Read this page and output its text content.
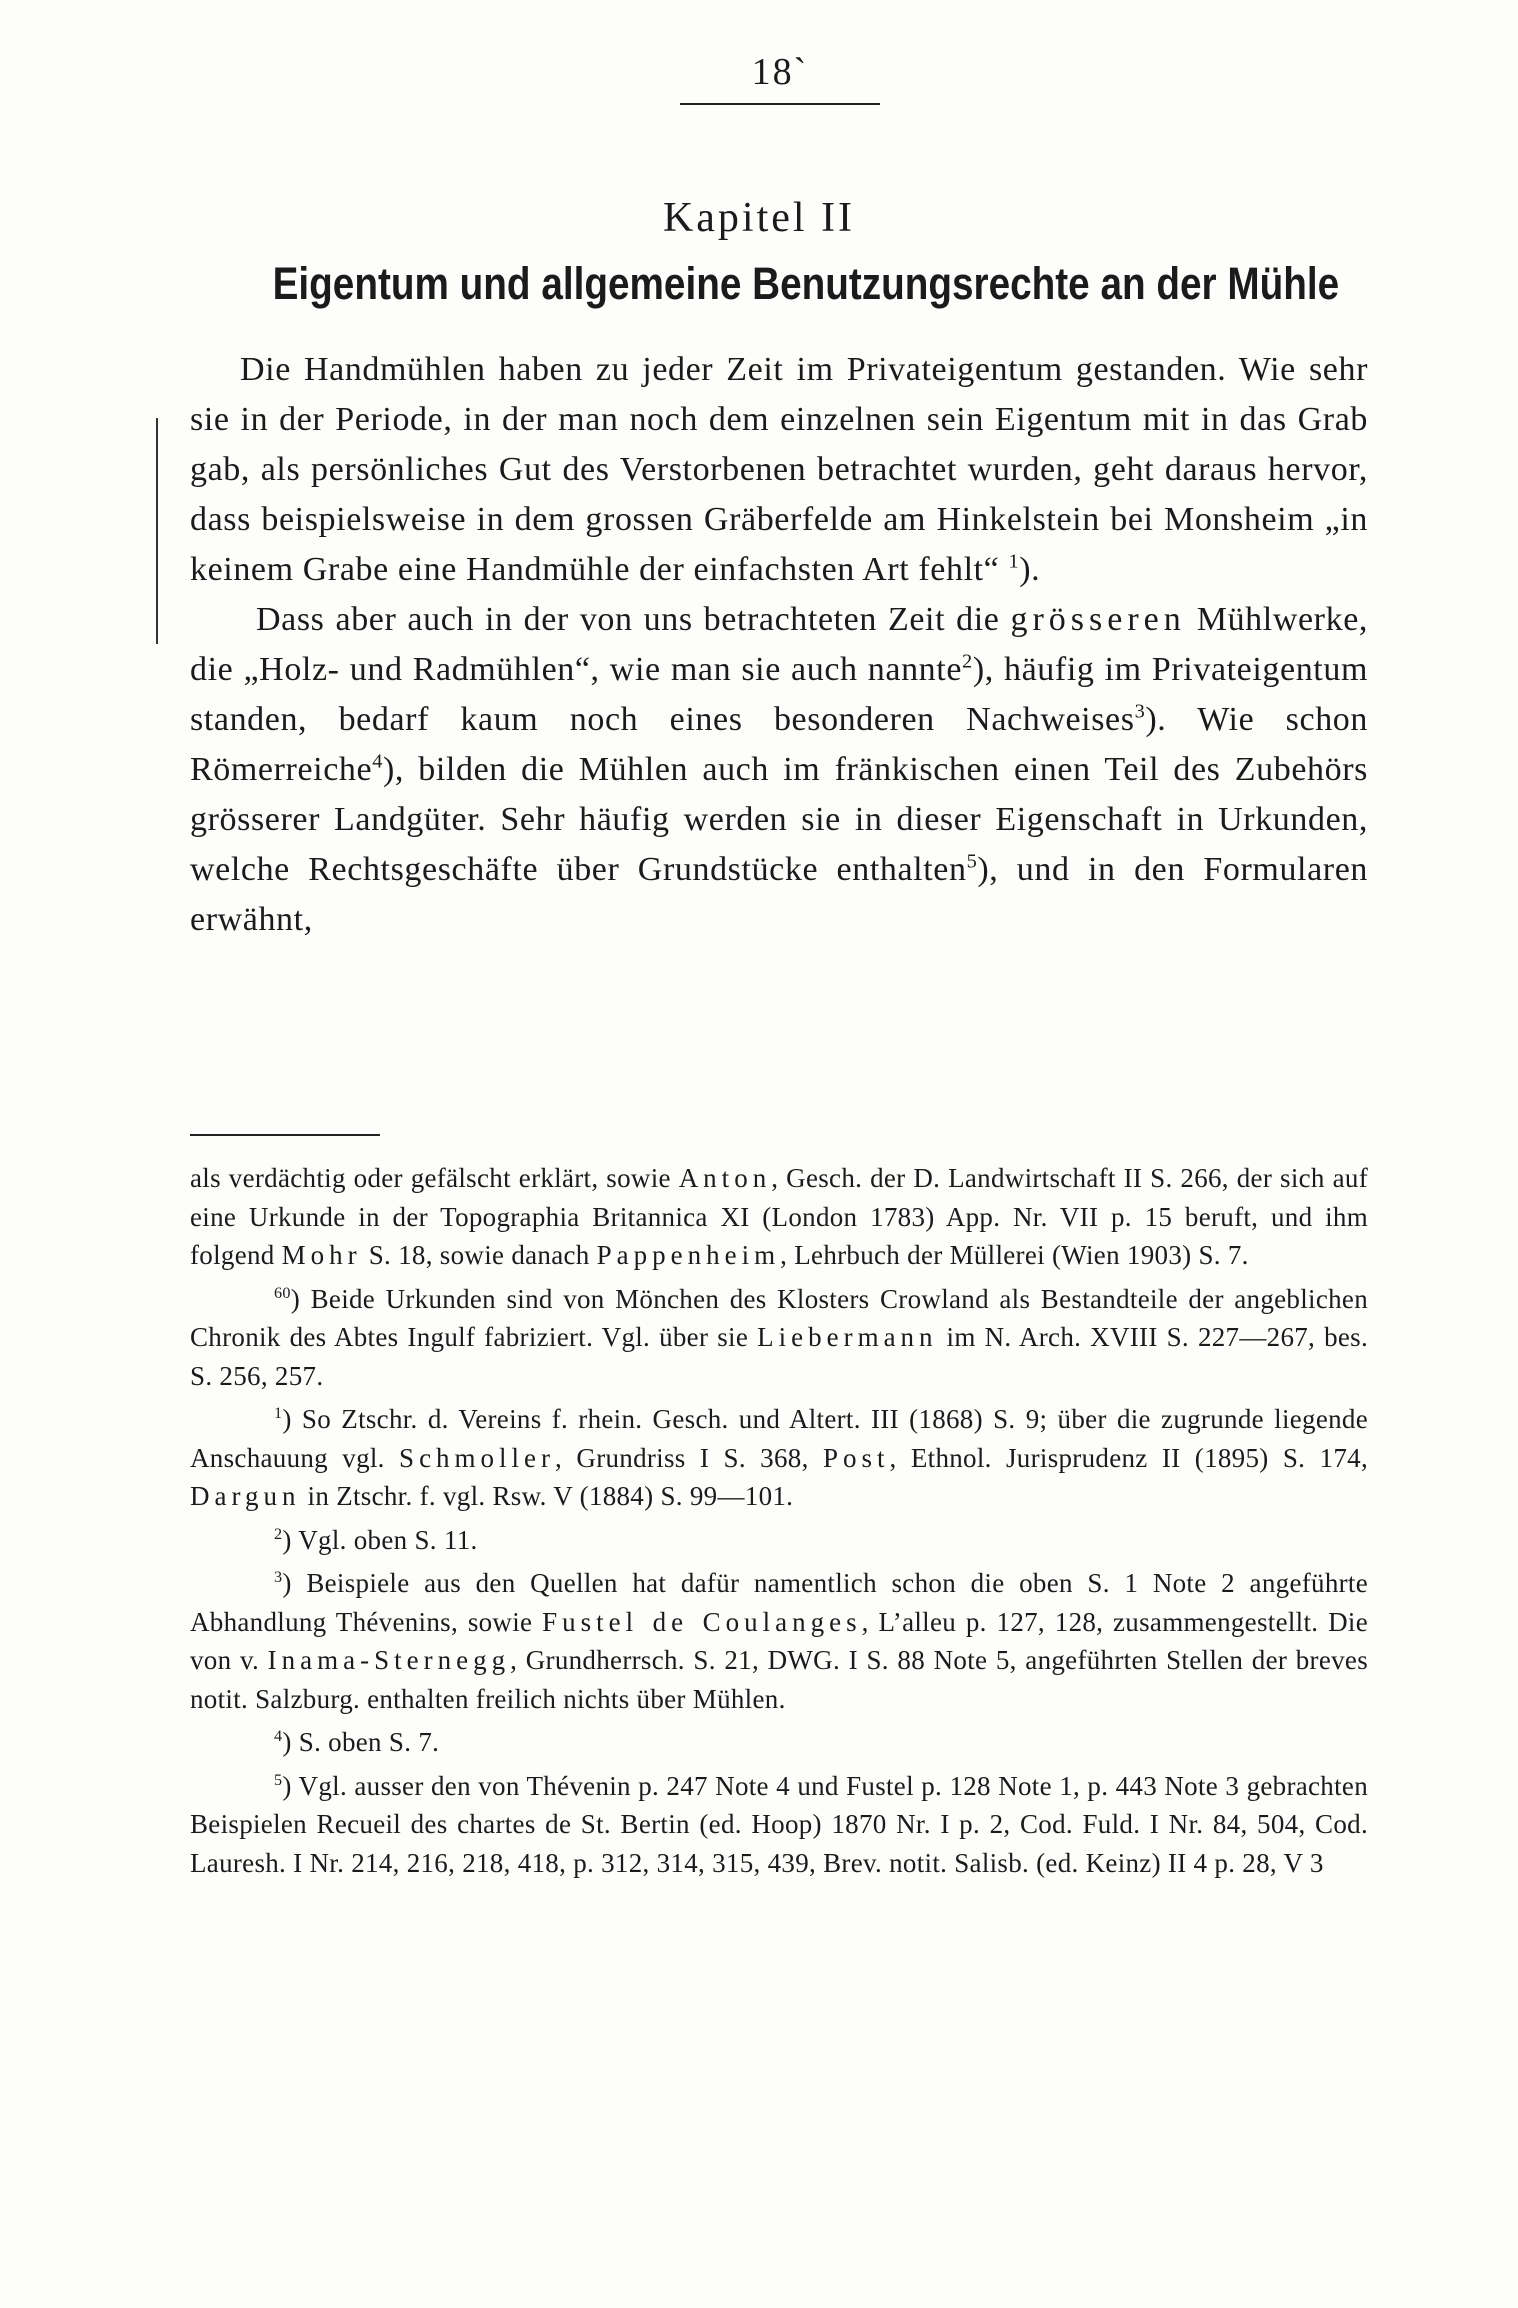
18`
Kapitel II
Eigentum und allgemeine Benutzungsrechte an der Mühle

Die Handmühlen haben zu jeder Zeit im Privateigentum gestanden. Wie sehr sie in der Periode, in der man noch dem einzelnen sein Eigentum mit in das Grab gab, als persönliches Gut des Verstorbenen betrachtet wurden, geht daraus hervor, dass beispielsweise in dem grossen Gräberfelde am Hinkelstein bei Monsheim „in keinem Grabe eine Handmühle der einfachsten Art fehlt“ $^1$).

Dass aber auch in der von uns betrachteten Zeit die grösseren Mühlwerke, die „Holz- und Radmühlen“, wie man sie auch nannte$^2$), häufig im Privateigentum standen, bedarf kaum noch eines besonderen Nachweises$^3$). Wie schon Römerreiche$^4$), bilden die Mühlen auch im fränkischen einen Teil des Zubehörs grösserer Landgüter. Sehr häufig werden sie in dieser Eigenschaft in Urkunden, welche Rechtsgeschäfte über Grundstücke enthalten$^5$), und in den Formularen erwähnt,

als verdächtig oder gefälscht erklärt, sowie Anton, Gesch. der D. Landwirtschaft II S. 266, der sich auf eine Urkunde in der Topographia Britannica XI (London 1783) App. Nr. VII p. 15 beruft, und ihm folgend Mohr S. 18, sowie danach Pappenheim, Lehrbuch der Müllerei (Wien 1903) S. 7.

$^{60}$) Beide Urkunden sind von Mönchen des Klosters Crowland als Bestandteile der angeblichen Chronik des Abtes Ingulf fabriziert. Vgl. über sie Liebermann im N. Arch. XVIII S. 227—267, bes. S. 256, 257.

$^1$) So Ztschr. d. Vereins f. rhein. Gesch. und Altert. III (1868) S. 9; über die zugrunde liegende Anschauung vgl. Schmoller, Grundriss I S. 368, Post, Ethnol. Jurisprudenz II (1895) S. 174, Dargun in Ztschr. f. vgl. Rsw. V (1884) S. 99—101.

$^2$) Vgl. oben S. 11.

$^3$) Beispiele aus den Quellen hat dafür namentlich schon die oben S. 1 Note 2 angeführte Abhandlung Thévenins, sowie Fustel de Coulanges, L’alleu p. 127, 128, zusammengestellt. Die von v. Inama-Sternegg, Grundherrsch. S. 21, DWG. I S. 88 Note 5, angeführten Stellen der breves notit. Salzburg. enthalten freilich nichts über Mühlen.

$^4$) S. oben S. 7.

$^5$) Vgl. ausser den von Thévenin p. 247 Note 4 und Fustel p. 128 Note 1, p. 443 Note 3 gebrachten Beispielen Recueil des chartes de St. Bertin (ed. Hoop) 1870 Nr. I p. 2, Cod. Fuld. I Nr. 84, 504, Cod. Lauresh. I Nr. 214, 216, 218, 418, p. 312, 314, 315, 439, Brev. notit. Salisb. (ed. Keinz) II 4 p. 28, V 3
